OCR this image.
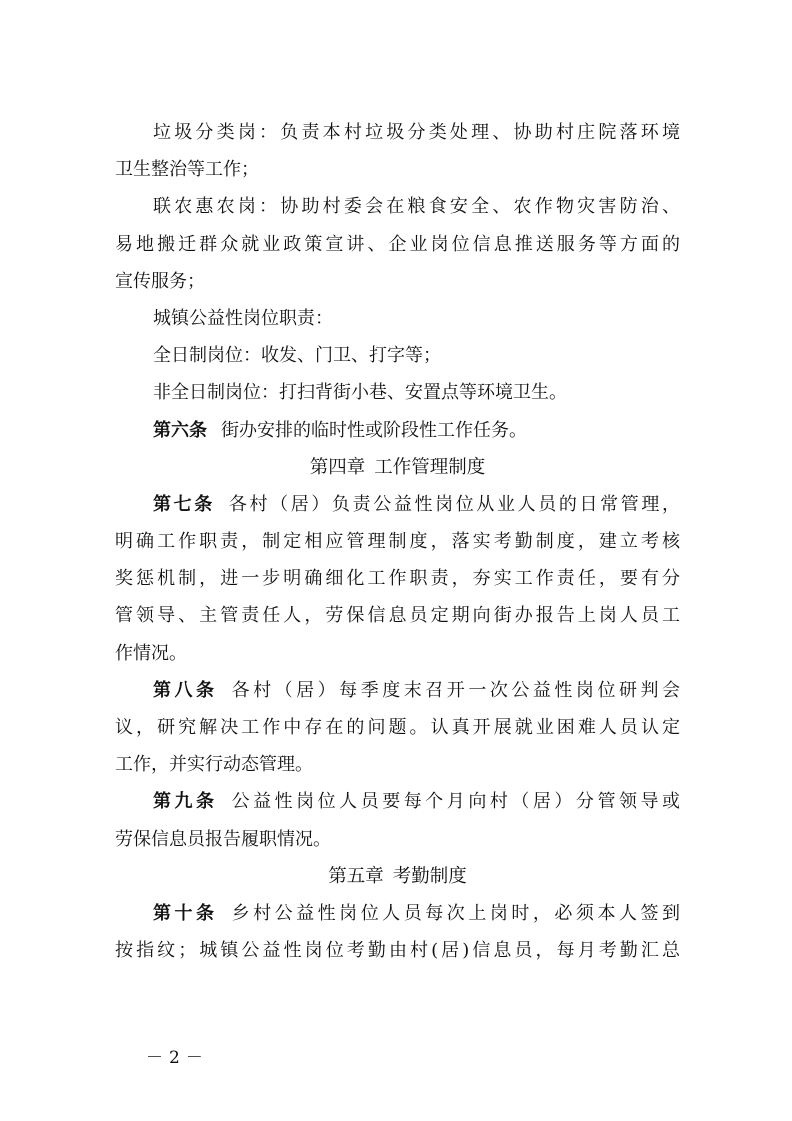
垃圾分类岗：负责本村垃圾分类处理、协助村庄院落环境
卫生整治等工作；
联农惠农岗：协助村委会在粮食安全、农作物灾害防治、
易地搬迁群众就业政策宣讲、企业岗位信息推送服务等方面的
宣传服务；
城镇公益性岗位职责：
全日制岗位：收发、门卫、打字等；
非全日制岗位：打扫背街小巷、安置点等环境卫生。
第六条 街办安排的临时性或阶段性工作任务。
第四章 工作管理制度
第七条 各村（居）负责公益性岗位从业人员的日常管理，
明确工作职责，制定相应管理制度，落实考勤制度，建立考核
奖惩机制，进一步明确细化工作职责，夯实工作责任，要有分
管领导、主管责任人，劳保信息员定期向街办报告上岗人员工
作情况。
第八条 各村（居）每季度末召开一次公益性岗位研判会
议，研究解决工作中存在的问题。认真开展就业困难人员认定
工作，并实行动态管理。
第九条 公益性岗位人员要每个月向村（居）分管领导或
劳保信息员报告履职情况。
第五章 考勤制度
第十条 乡村公益性岗位人员每次上岗时，必须本人签到
按指纹；城镇公益性岗位考勤由村(居)信息员，每月考勤汇总
－2－
